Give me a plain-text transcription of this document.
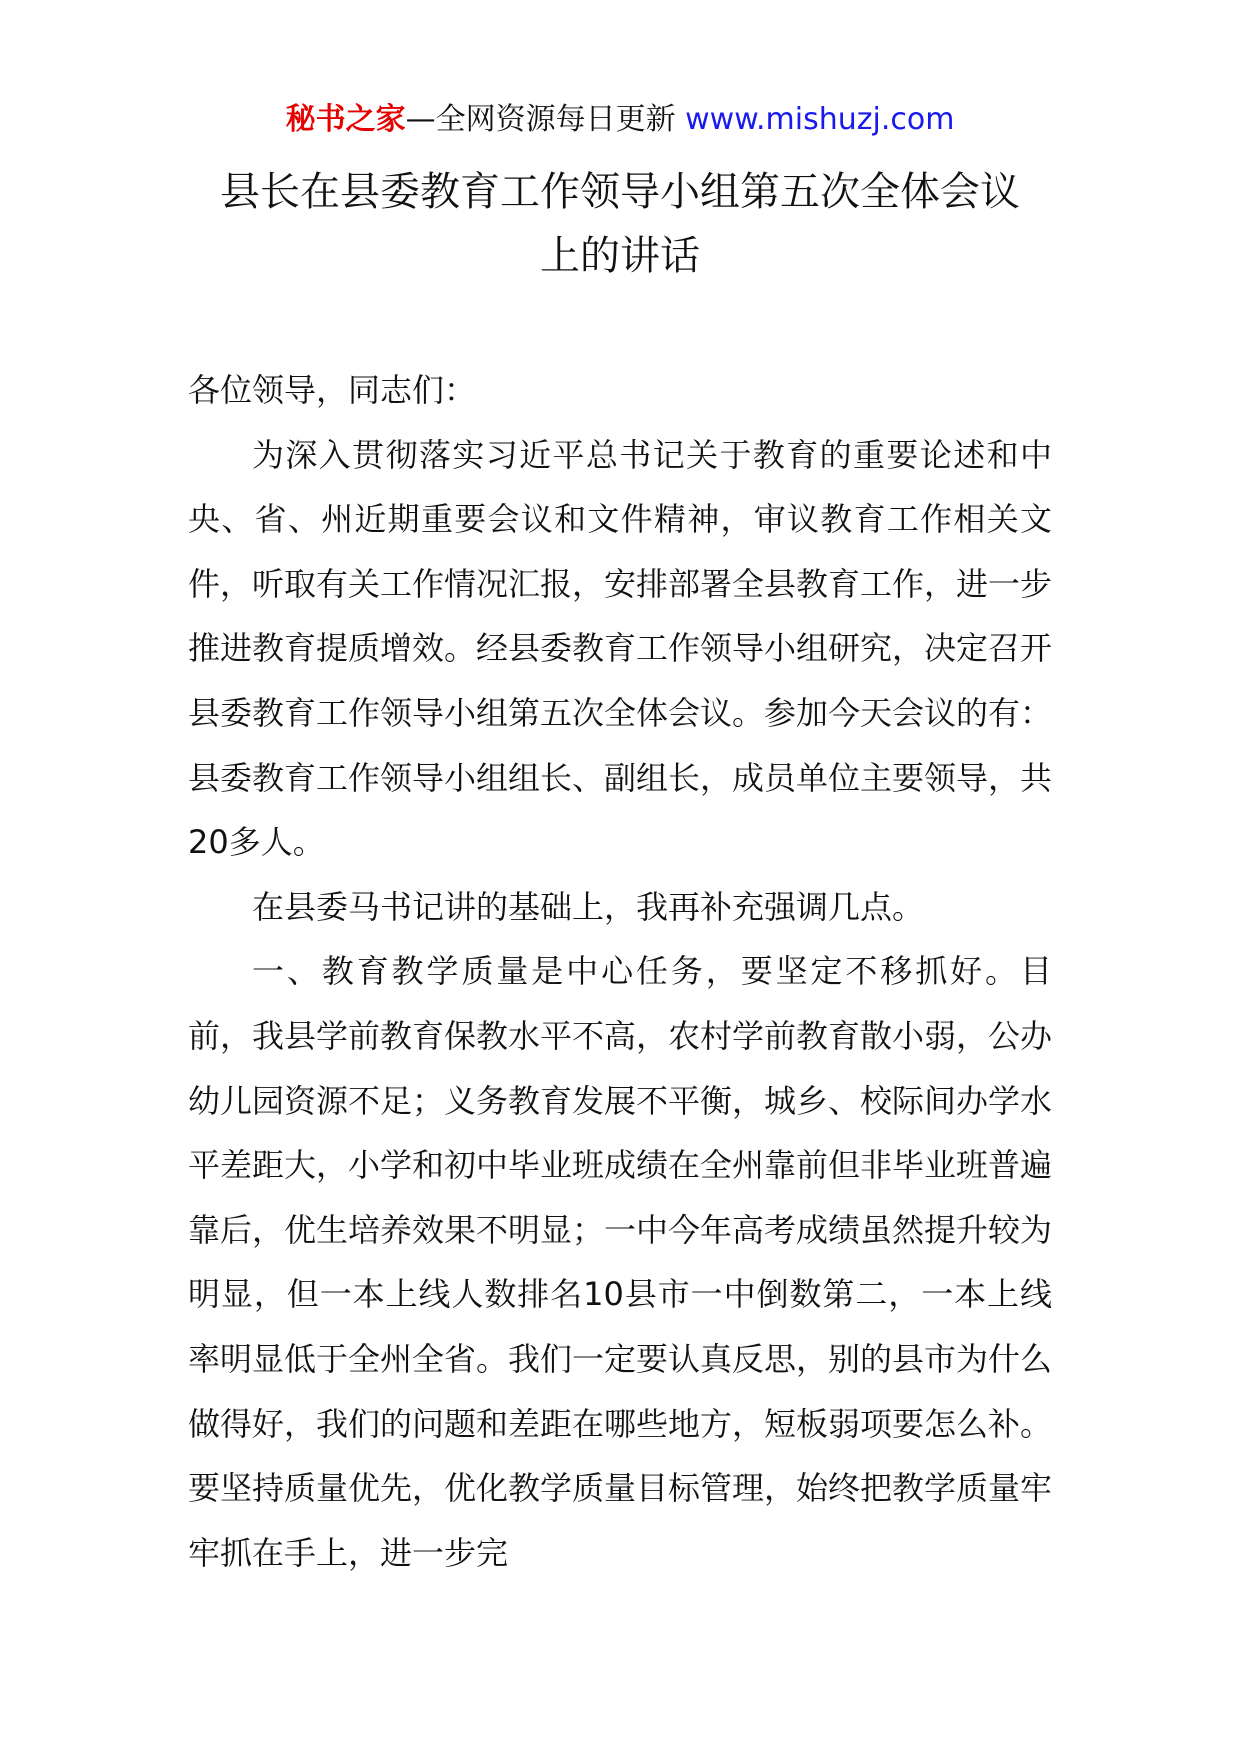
秘书之家—全网资源每日更新 www.mishuzj.com
县长在县委教育工作领导小组第五次全体会议
上的讲话

各位领导，同志们：

为深入贯彻落实习近平总书记关于教育的重要论述和中央、省、州近期重要会议和文件精神，审议教育工作相关文件，听取有关工作情况汇报，安排部署全县教育工作，进一步推进教育提质增效。经县委教育工作领导小组研究，决定召开县委教育工作领导小组第五次全体会议。参加今天会议的有：县委教育工作领导小组组长、副组长，成员单位主要领导，共20多人。

在县委马书记讲的基础上，我再补充强调几点。

一、教育教学质量是中心任务，要坚定不移抓好。目前，我县学前教育保教水平不高，农村学前教育散小弱，公办幼儿园资源不足；义务教育发展不平衡，城乡、校际间办学水平差距大，小学和初中毕业班成绩在全州靠前但非毕业班普遍靠后，优生培养效果不明显；一中今年高考成绩虽然提升较为明显，但一本上线人数排名10县市一中倒数第二，一本上线率明显低于全州全省。我们一定要认真反思，别的县市为什么做得好，我们的问题和差距在哪些地方，短板弱项要怎么补。要坚持质量优先，优化教学质量目标管理，始终把教学质量牢牢抓在手上，进一步完
